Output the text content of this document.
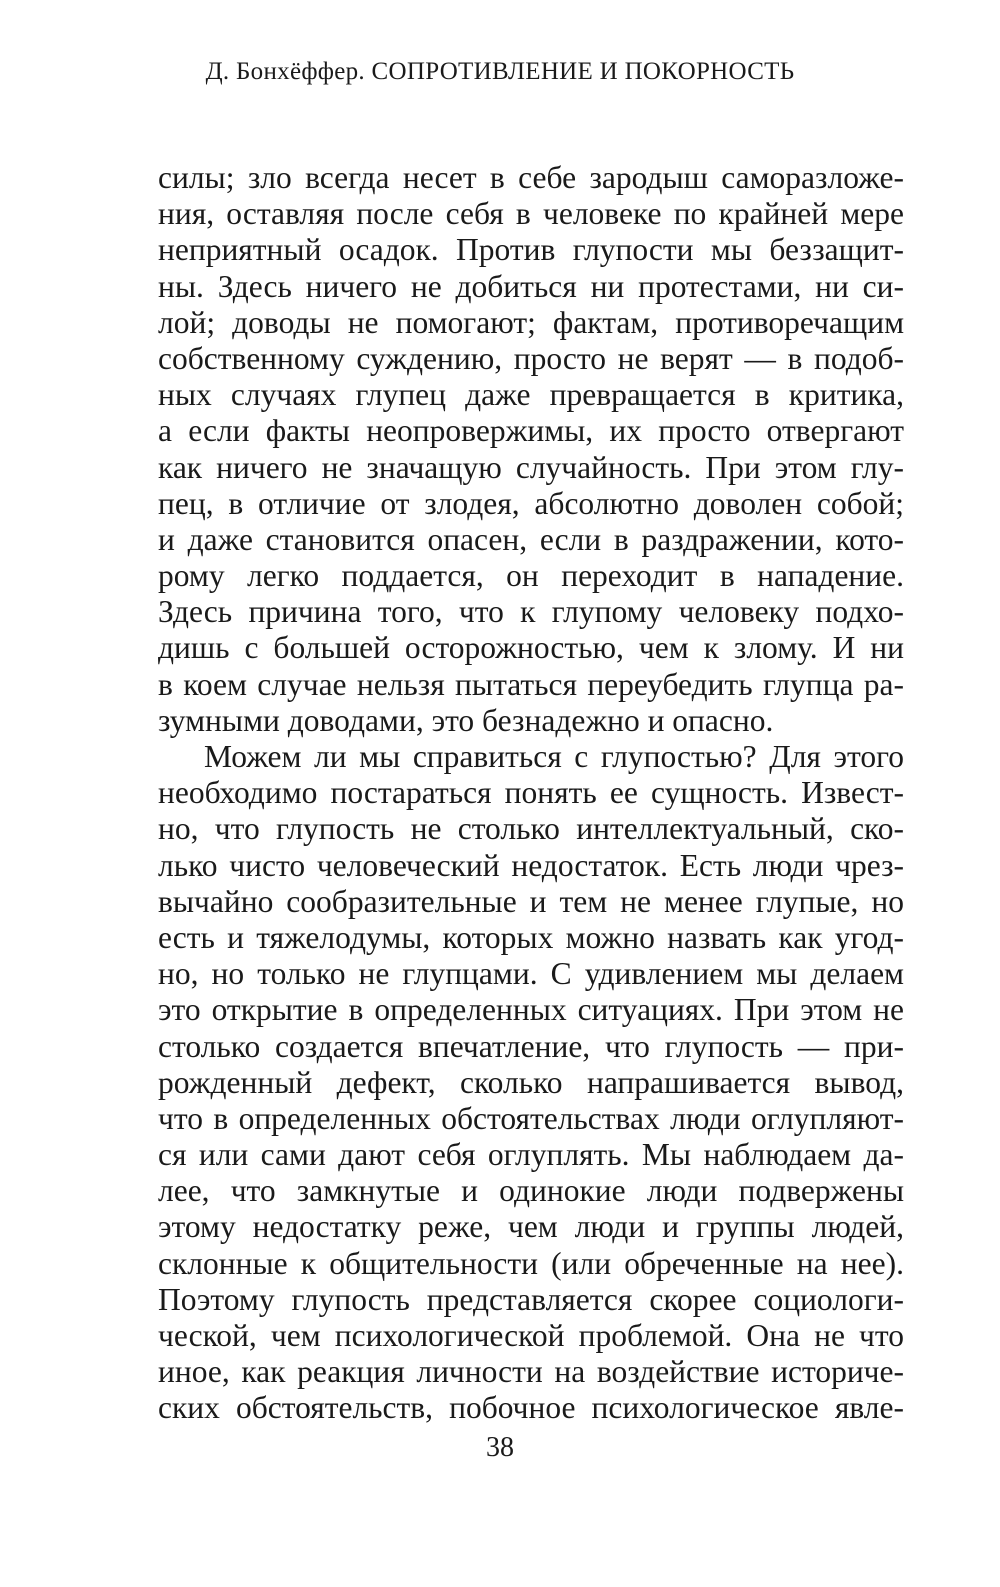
Д. Бонхёффер. СОПРОТИВЛЕНИЕ И ПОКОРНОСТЬ
силы; зло всегда несет в себе зародыш саморазложе-
ния, оставляя после себя в человеке по крайней мере
неприятный осадок. Против глупости мы беззащит-
ны. Здесь ничего не добиться ни протестами, ни си-
лой; доводы не помогают; фактам, противоречащим
собственному суждению, просто не верят — в подоб-
ных случаях глупец даже превращается в критика,
а если факты неопровержимы, их просто отвергают
как ничего не значащую случайность. При этом глу-
пец, в отличие от злодея, абсолютно доволен собой;
и даже становится опасен, если в раздражении, кото-
рому легко поддается, он переходит в нападение.
Здесь причина того, что к глупому человеку подхо-
дишь с большей осторожностью, чем к злому. И ни
в коем случае нельзя пытаться переубедить глупца ра-
зумными доводами, это безнадежно и опасно.
Можем ли мы справиться с глупостью? Для этого
необходимо постараться понять ее сущность. Извест-
но, что глупость не столько интеллектуальный, ско-
лько чисто человеческий недостаток. Есть люди чрез-
вычайно сообразительные и тем не менее глупые, но
есть и тяжелодумы, которых можно назвать как угод-
но, но только не глупцами. С удивлением мы делаем
это открытие в определенных ситуациях. При этом не
столько создается впечатление, что глупость — при-
рожденный дефект, сколько напрашивается вывод,
что в определенных обстоятельствах люди оглупляют-
ся или сами дают себя оглуплять. Мы наблюдаем да-
лее, что замкнутые и одинокие люди подвержены
этому недостатку реже, чем люди и группы людей,
склонные к общительности (или обреченные на нее).
Поэтому глупость представляется скорее социологи-
ческой, чем психологической проблемой. Она не что
иное, как реакция личности на воздействие историче-
ских обстоятельств, побочное психологическое явле-
38
